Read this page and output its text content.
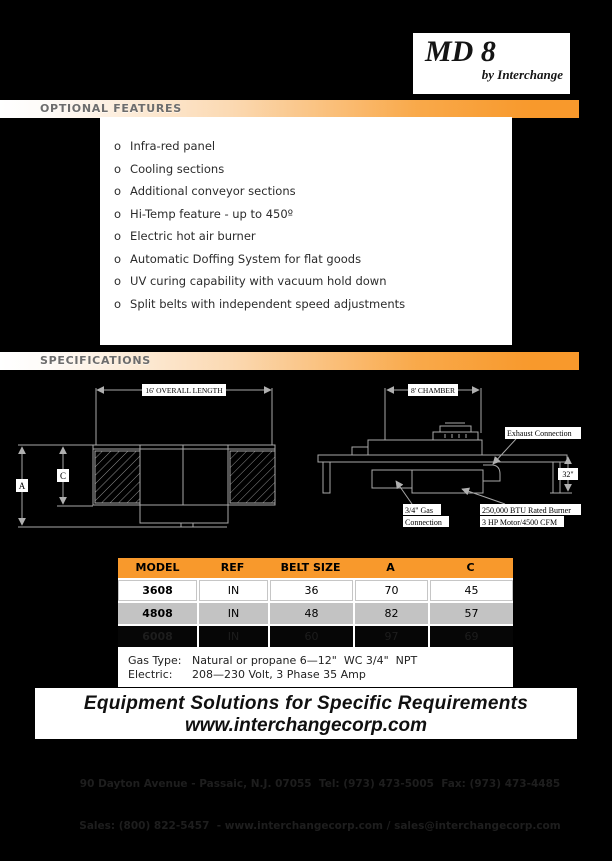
MD 8
by Interchange
OPTIONAL FEATURES
o Infra-red panel
o Cooling sections
o Additional conveyor sections
o Hi-Temp feature - up to 450º
o Electric hot air burner
o Automatic Doffing System for flat goods
o UV curing capability with vacuum hold down
o Split belts with independent speed adjustments
SPECIFICATIONS
16' OVERALL LENGTH
A
C
8' CHAMBER
Exhaust Connection
32"
3/4" Gas
Connection
250,000 BTU Rated Burner
3 HP Motor/4500 CFM
MODEL	REF	BELT SIZE	A	C
3608	IN	36	70	45
4808	IN	48	82	57
6008	IN	60	97	69
Gas Type: Natural or propane 6—12"  WC 3/4"  NPT
Electric:	208—230 Volt, 3 Phase 35 Amp
Equipment Solutions for Specific Requirements
www.interchangecorp.com

90 Dayton Avenue - Passaic, N.J. 07055  Tel: (973) 473-5005  Fax: (973) 473-4485

Sales: (800) 822-5457  - www.interchangecorp.com / sales@interchangecorp.com
